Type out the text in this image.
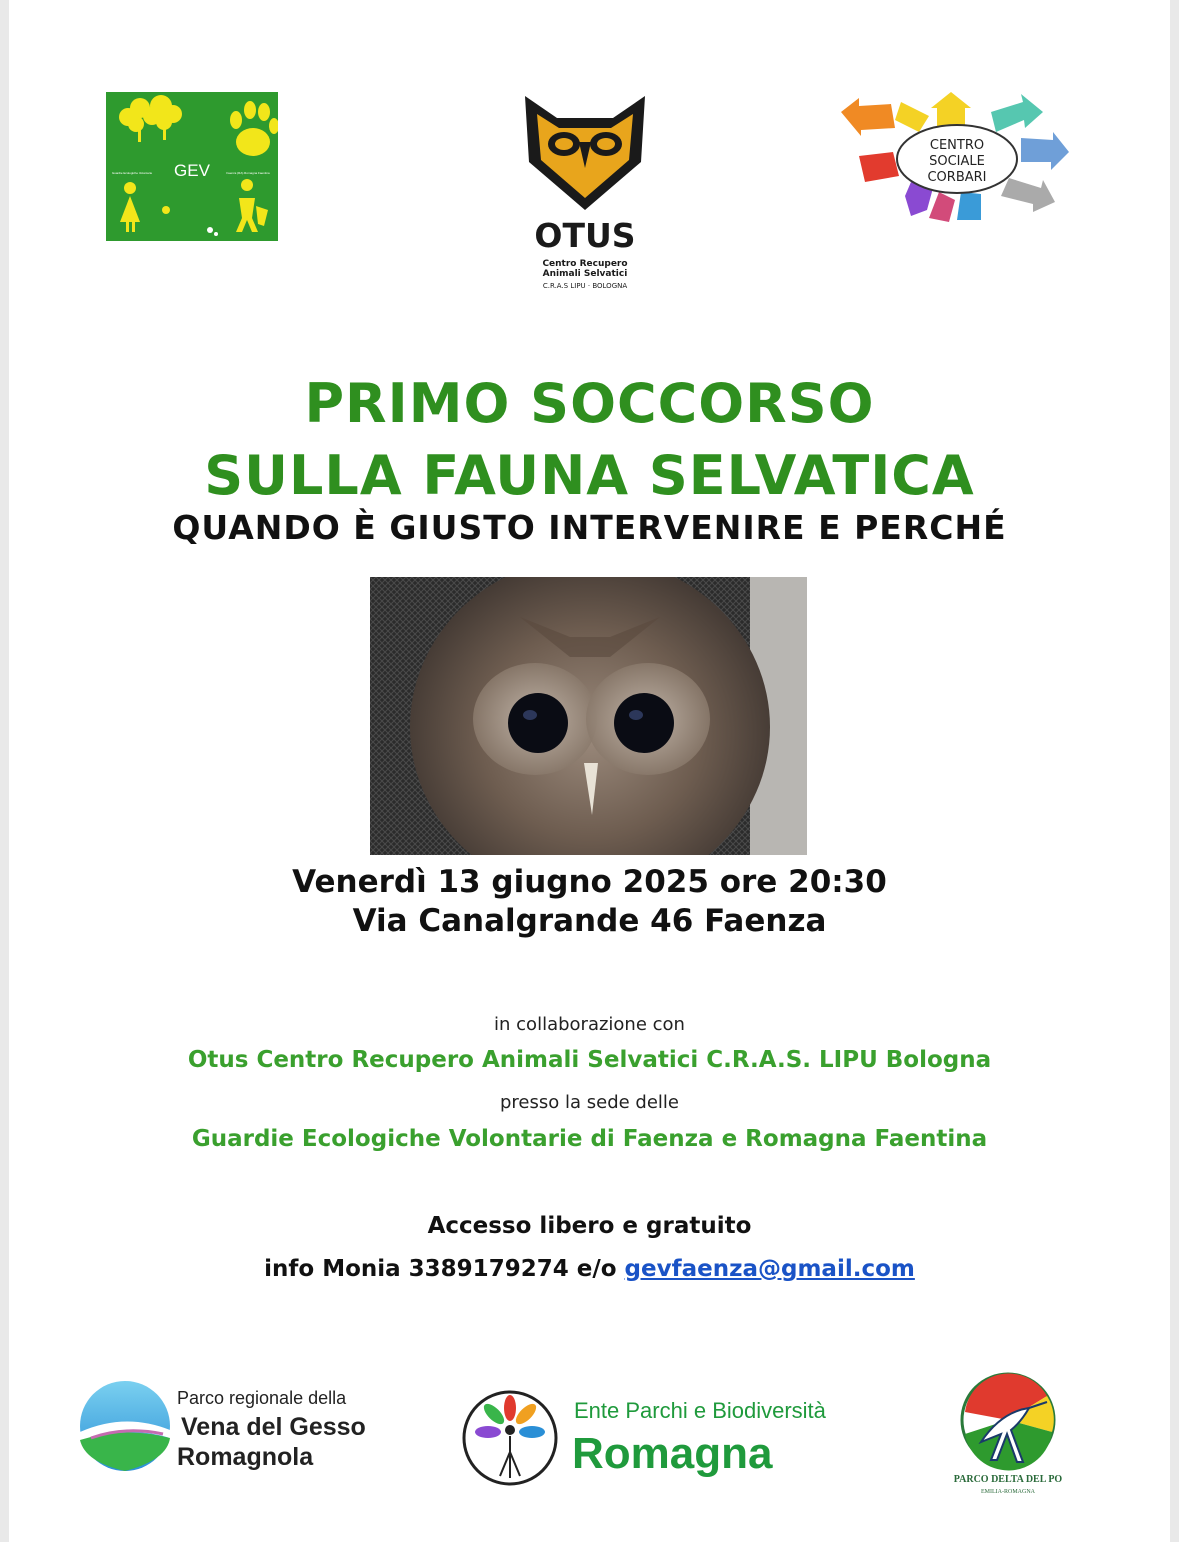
GEV
Guardie Ecologiche Volontarie	Faenza (RA) Romagna Faentina
OTUS
Centro Recupero
Animali Selvatici
C.R.A.S LIPU · BOLOGNA
CENTRO
SOCIALE
CORBARI
PRIMO SOCCORSO
SULLA FAUNA SELVATICA
QUANDO È GIUSTO INTERVENIRE E PERCHÉ
Venerdì 13 giugno 2025 ore 20:30
Via Canalgrande 46 Faenza
in collaborazione con
Otus Centro Recupero Animali Selvatici C.R.A.S. LIPU Bologna
presso la sede delle
Guardie Ecologiche Volontarie di Faenza e Romagna Faentina
Accesso libero e gratuito
info Monia 3389179274 e/o gevfaenza@gmail.com
Parco regionale della
Vena del Gesso
Romagnola
Ente Parchi e Biodiversità
Romagna
PARCO DELTA DEL PO
EMILIA-ROMAGNA
